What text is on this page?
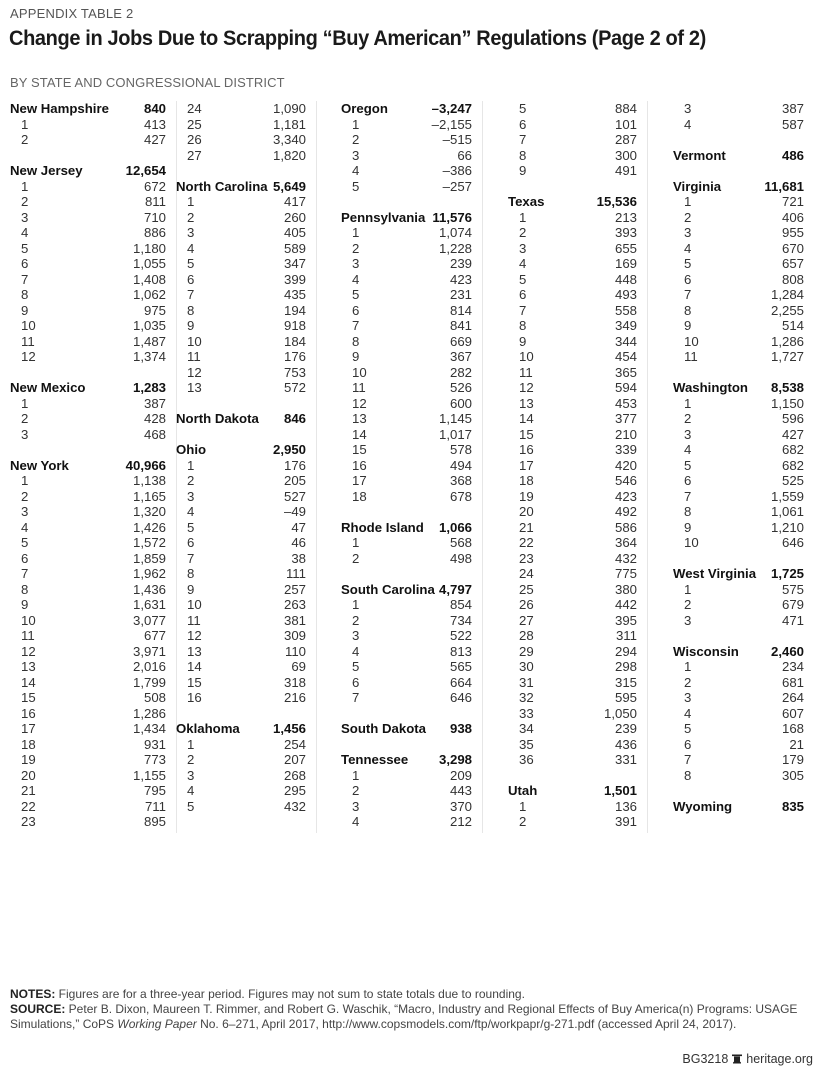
APPENDIX TABLE 2
Change in Jobs Due to Scrapping “Buy American” Regulations (Page 2 of 2)
BY STATE AND CONGRESSIONAL DISTRICT
New Hampshire	840
1	413
2	427
New Jersey	12,654
1	672
2	811
3	710
4	886
5	1,180
6	1,055
7	1,408
8	1,062
9	975
10	1,035
11	1,487
12	1,374
New Mexico	1,283
1	387
2	428
3	468
New York	40,966
1	1,138
2	1,165
3	1,320
4	1,426
5	1,572
6	1,859
7	1,962
8	1,436
9	1,631
10	3,077
11	677
12	3,971
13	2,016
14	1,799
15	508
16	1,286
17	1,434
18	931
19	773
20	1,155
21	795
22	711
23	895
24	1,090
25	1,181
26	3,340
27	1,820
North Carolina 5,649
1	417
2	260
3	405
4	589
5	347
6	399
7	435
8	194
9	918
10	184
11	176
12	753
13	572
North Dakota 846
Ohio	2,950
1	176
2	205
3	527
4	–49
5	47
6	46
7	38
8	111
9	257
10	263
11	381
12	309
13	110
14	69
15	318
16	216
Oklahoma	1,456
1	254
2	207
3	268
4	295
5	432
Oregon	–3,247
1	–2,155
2	–515
3	66
4	–386
5	–257
Pennsylvania 11,576
1	1,074
2	1,228
3	239
4	423
5	231
6	814
7	841
8	669
9	367
10	282
11	526
12	600
13	1,145
14	1,017
15	578
16	494
17	368
18	678
Rhode Island 1,066
1	568
2	498
South Carolina 4,797
1	854
2	734
3	522
4	813
5	565
6	664
7	646
South Dakota 938
Tennessee 3,298
1	209
2	443
3	370
4	212
5	884
6	101
7	287
8	300
9	491
Texas	15,536
1	213
2	393
3	655
4	169
5	448
6	493
7	558
8	349
9	344
10	454
11	365
12	594
13	453
14	377
15	210
16	339
17	420
18	546
19	423
20	492
21	586
22	364
23	432
24	775
25	380
26	442
27	395
28	311
29	294
30	298
31	315
32	595
33	1,050
34	239
35	436
36	331
Utah	1,501
1	136
2	391
3	387
4	587
Vermont	486
Virginia	11,681
1	721
2	406
3	955
4	670
5	657
6	808
7	1,284
8	2,255
9	514
10	1,286
11	1,727
Washington 8,538
1	1,150
2	596
3	427
4	682
5	682
6	525
7	1,559
8	1,061
9	1,210
10	646
West Virginia 1,725
1	575
2	679
3	471
Wisconsin 2,460
1	234
2	681
3	264
4	607
5	168
6	21
7	179
8	305
Wyoming	835
NOTES: Figures are for a three-year period. Figures may not sum to state totals due to rounding.
SOURCE: Peter B. Dixon, Maureen T. Rimmer, and Robert G. Waschik, “Macro, Industry and Regional Effects of Buy America(n) Programs: USAGE Simulations,” CoPS Working Paper No. 6–271, April 2017, http://www.copsmodels.com/ftp/workpapr/g-271.pdf (accessed April 24, 2017).
BG3218 heritage.org
